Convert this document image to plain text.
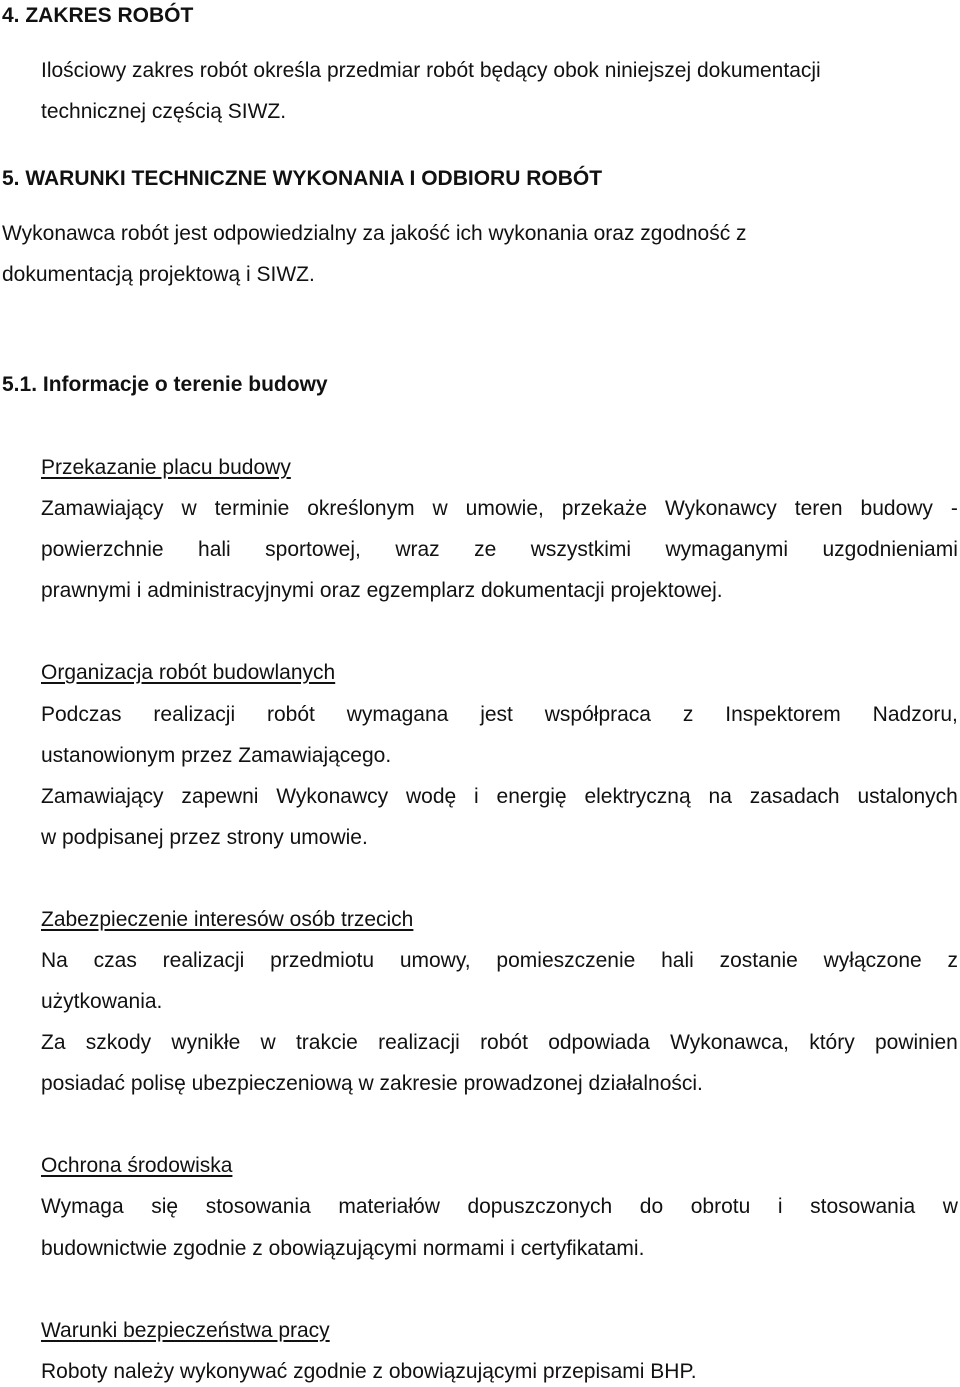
4. ZAKRES ROBÓT
Ilościowy zakres robót określa przedmiar robót będący obok niniejszej dokumentacji
technicznej częścią SIWZ.
5. WARUNKI TECHNICZNE WYKONANIA I ODBIORU ROBÓT
Wykonawca robót jest odpowiedzialny za jakość ich wykonania oraz zgodność z
dokumentacją projektową i SIWZ.
5.1. Informacje o terenie budowy
Przekazanie placu budowy
Zamawiający w terminie określonym w umowie, przekaże Wykonawcy teren budowy -
powierzchnie hali sportowej, wraz ze wszystkimi wymaganymi uzgodnieniami
prawnymi i administracyjnymi oraz egzemplarz dokumentacji projektowej.
Organizacja robót budowlanych
Podczas realizacji robót wymagana jest współpraca z Inspektorem Nadzoru,
ustanowionym przez Zamawiającego.
Zamawiający zapewni Wykonawcy wodę i energię elektryczną na zasadach ustalonych
w podpisanej przez strony umowie.
Zabezpieczenie interesów osób trzecich
Na czas realizacji przedmiotu umowy, pomieszczenie hali zostanie wyłączone z
użytkowania.
Za szkody wynikłe w trakcie realizacji robót odpowiada Wykonawca, który powinien
posiadać polisę ubezpieczeniową w zakresie prowadzonej działalności.
Ochrona środowiska
Wymaga się stosowania materiałów dopuszczonych do obrotu i stosowania w
budownictwie zgodnie z obowiązującymi normami i certyfikatami.
Warunki bezpieczeństwa pracy
Roboty należy wykonywać zgodnie z obowiązującymi przepisami BHP.
